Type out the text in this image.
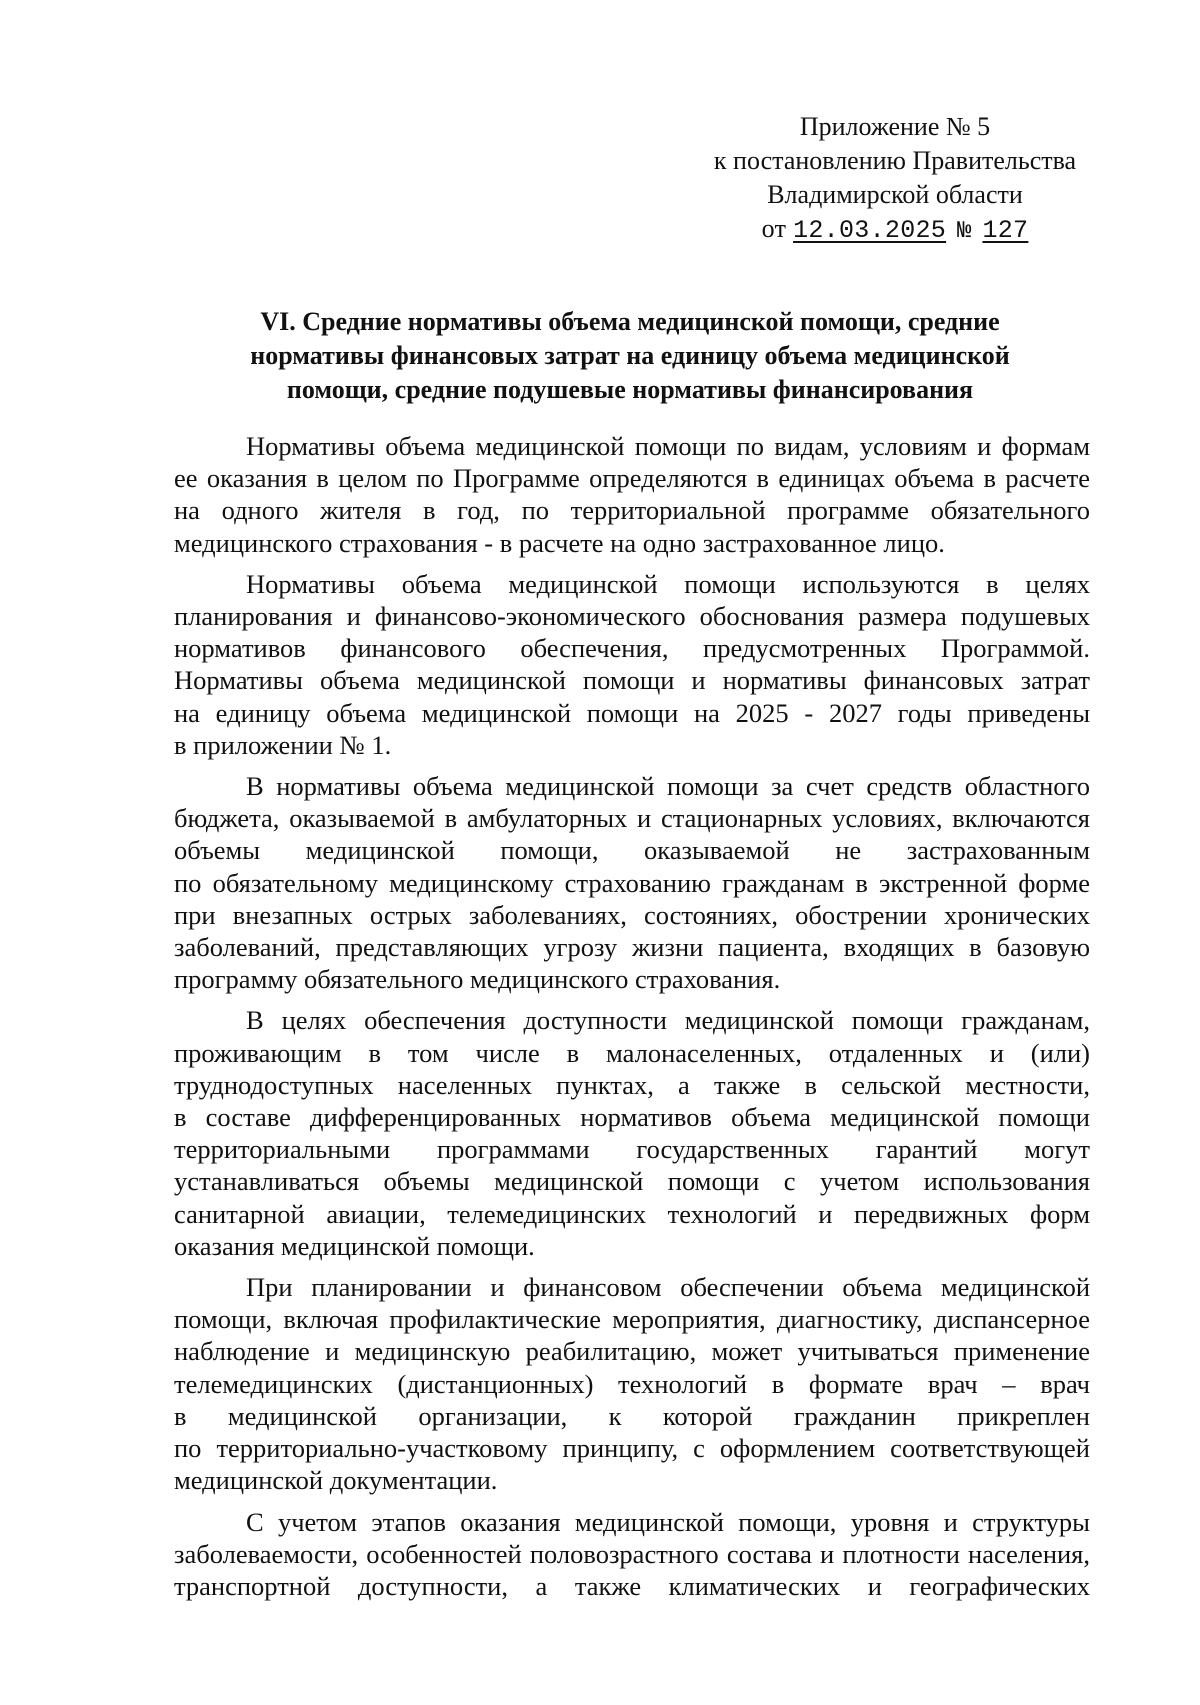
Приложение № 5
к постановлению Правительства
Владимирской области
от 12.03.2025 № 127
VI. Средние нормативы объема медицинской помощи, средние
нормативы финансовых затрат на единицу объема медицинской
помощи, средние подушевые нормативы финансирования
Нормативы объема медицинской помощи по видам, условиям и формам
ее оказания в целом по Программе определяются в единицах объема в расчете
на одного жителя в год, по территориальной программе обязательного
медицинского страхования - в расчете на одно застрахованное лицо.
Нормативы объема медицинской помощи используются в целях
планирования и финансово-экономического обоснования размера подушевых
нормативов финансового обеспечения, предусмотренных Программой.
Нормативы объема медицинской помощи и нормативы финансовых затрат
на единицу объема медицинской помощи на 2025 - 2027 годы приведены
в приложении № 1.
В нормативы объема медицинской помощи за счет средств областного
бюджета, оказываемой в амбулаторных и стационарных условиях, включаются
объемы медицинской помощи, оказываемой не застрахованным
по обязательному медицинскому страхованию гражданам в экстренной форме
при внезапных острых заболеваниях, состояниях, обострении хронических
заболеваний, представляющих угрозу жизни пациента, входящих в базовую
программу обязательного медицинского страхования.
В целях обеспечения доступности медицинской помощи гражданам,
проживающим в том числе в малонаселенных, отдаленных и (или)
труднодоступных населенных пунктах, а также в сельской местности,
в составе дифференцированных нормативов объема медицинской помощи
территориальными программами государственных гарантий могут
устанавливаться объемы медицинской помощи с учетом использования
санитарной авиации, телемедицинских технологий и передвижных форм
оказания медицинской помощи.
При планировании и финансовом обеспечении объема медицинской
помощи, включая профилактические мероприятия, диагностику, диспансерное
наблюдение и медицинскую реабилитацию, может учитываться применение
телемедицинских (дистанционных) технологий в формате врач – врач
в медицинской организации, к которой гражданин прикреплен
по территориально-участковому принципу, с оформлением соответствующей
медицинской документации.
С учетом этапов оказания медицинской помощи, уровня и структуры
заболеваемости, особенностей половозрастного состава и плотности населения,
транспортной доступности, а также климатических и географических
